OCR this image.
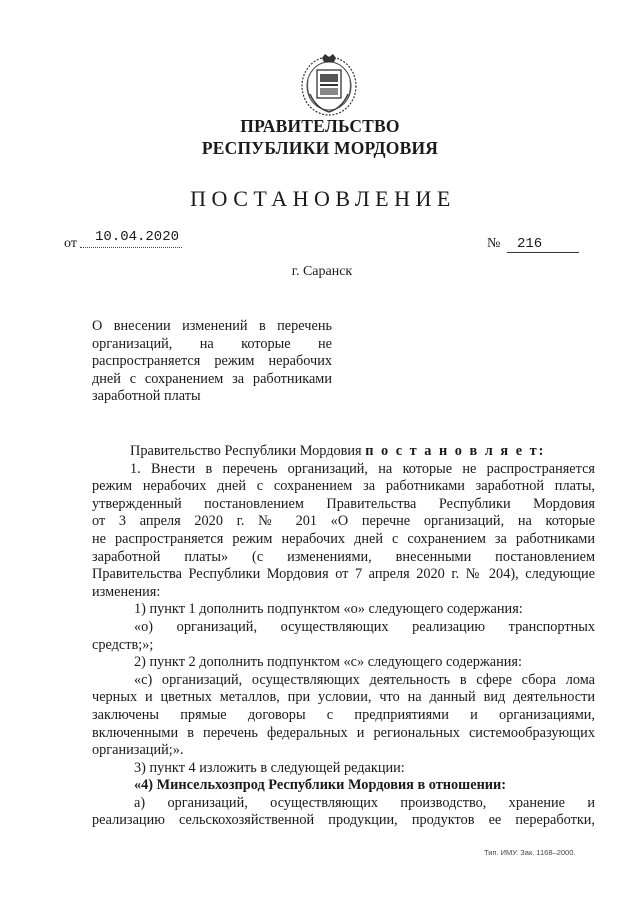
ПРАВИТЕЛЬСТВО
РЕСПУБЛИКИ МОРДОВИЯ
ПОСТАНОВЛЕНИЕ
от 10.04.2020	№ 216
г. Саранск
О внесении изменений в перечень
организаций, на которые не
распространяется режим нерабочих
дней с сохранением за работниками
заработной платы
Правительство Республики Мордовия п о с т а н о в л я е т:
1. Внести в перечень организаций, на которые не распространяется
режим нерабочих дней с сохранением за работниками заработной платы,
утвержденный постановлением Правительства Республики Мордовия
от 3 апреля 2020 г. № 201 «О перечне организаций, на которые
не распространяется режим нерабочих дней с сохранением за работниками
заработной платы» (с изменениями, внесенными постановлением
Правительства Республики Мордовия от 7 апреля 2020 г. № 204), следующие
изменения:
1) пункт 1 дополнить подпунктом «о» следующего содержания:
«о) организаций, осуществляющих реализацию транспортных
средств;»;
2) пункт 2 дополнить подпунктом «с» следующего содержания:
«с) организаций, осуществляющих деятельность в сфере сбора лома
черных и цветных металлов, при условии, что на данный вид деятельности
заключены прямые договоры с предприятиями и организациями,
включенными в перечень федеральных и региональных системообразующих
организаций;».
3) пункт 4 изложить в следующей редакции:
«4) Минсельхозпрод Республики Мордовия в отношении:
а) организаций, осуществляющих производство, хранение и
реализацию сельскохозяйственной продукции, продуктов ее переработки,
Тип. ИМУ. Зак. 1168–2000.
